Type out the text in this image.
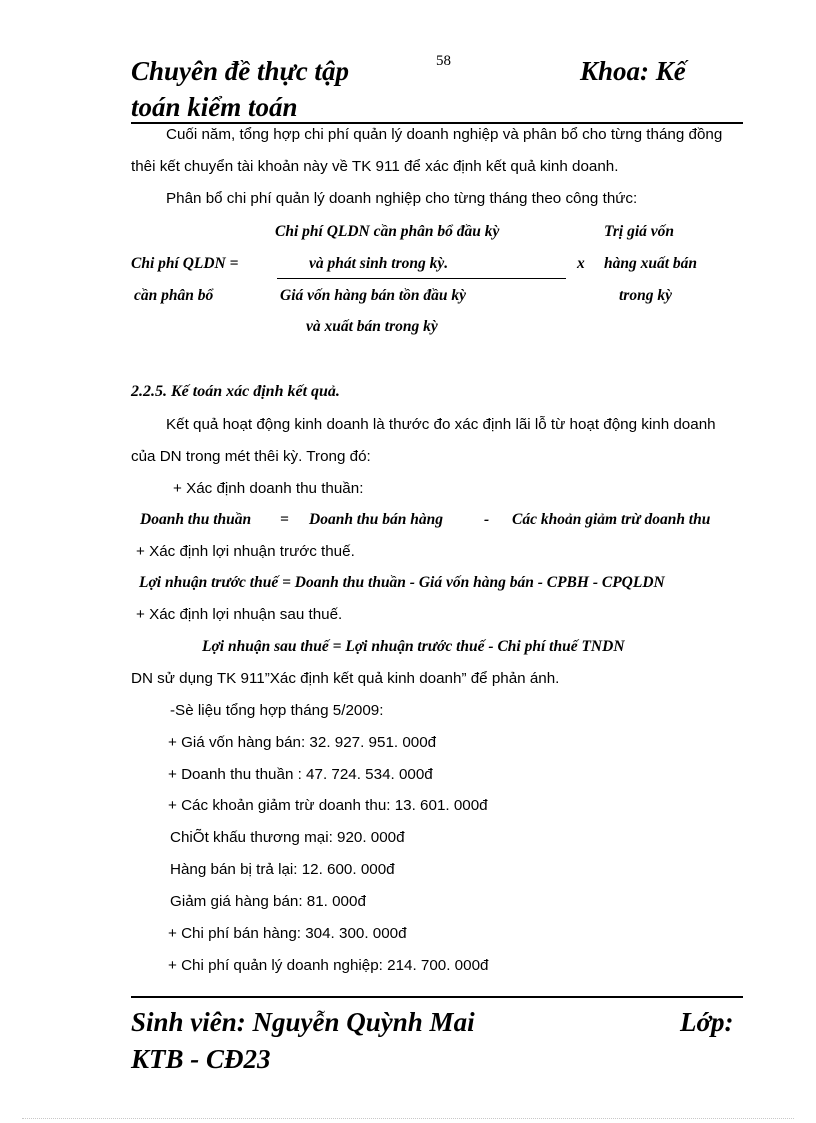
Chuyên đề thực tập	58	Khoa: Kế
toán kiểm toán
Cuối năm, tổng hợp chi phí quản lý doanh nghiệp và phân bổ cho từng tháng đồng
thêi kết chuyển tài khoản này về TK 911 để xác định kết quả kinh doanh.
Phân bổ chi phí quản lý doanh nghiệp cho từng tháng theo công thức:
Chi phí QLDN cần phân bổ đầu kỳ	Trị giá vốn
Chi phí QLDN =	và phát sinh trong kỳ.	x hàng xuất bán
cần phân bổ	Giá vốn hàng bán tồn đầu kỳ	trong kỳ
và xuất bán trong kỳ
2.2.5. Kế toán xác định kết quả.
Kết quả hoạt động kinh doanh là thước đo xác định lãi lỗ từ hoạt động kinh doanh
của DN trong mét thêi kỳ. Trong đó:
+ Xác định doanh thu thuần:
Doanh thu thuần = Doanh thu bán hàng	- Các khoản giảm trừ doanh thu
+ Xác định lợi nhuận trước thuế.
Lợi nhuận trước thuế = Doanh thu thuần - Giá vốn hàng bán - CPBH - CPQLDN
+ Xác định lợi nhuận sau thuế.
Lợi nhuận sau thuế = Lợi nhuận trước thuế - Chi phí thuế TNDN
DN sử dụng TK 911”Xác định kết quả kinh doanh” để phản ánh.
-Sè liệu tổng hợp tháng 5/2009:
+ Giá vốn hàng bán: 32. 927. 951. 000đ
+ Doanh thu thuần : 47. 724. 534. 000đ
+ Các khoản giảm trừ doanh thu: 13. 601. 000đ
ChiÕt khấu thương mại: 920. 000đ
Hàng bán bị trả lại: 12. 600. 000đ
Giảm giá hàng bán: 81. 000đ
+ Chi phí bán hàng: 304. 300. 000đ
+ Chi phí quản lý doanh nghiệp: 214. 700. 000đ
Sinh viên: Nguyễn Quỳnh Mai	Lớp:
KTB - CĐ23
